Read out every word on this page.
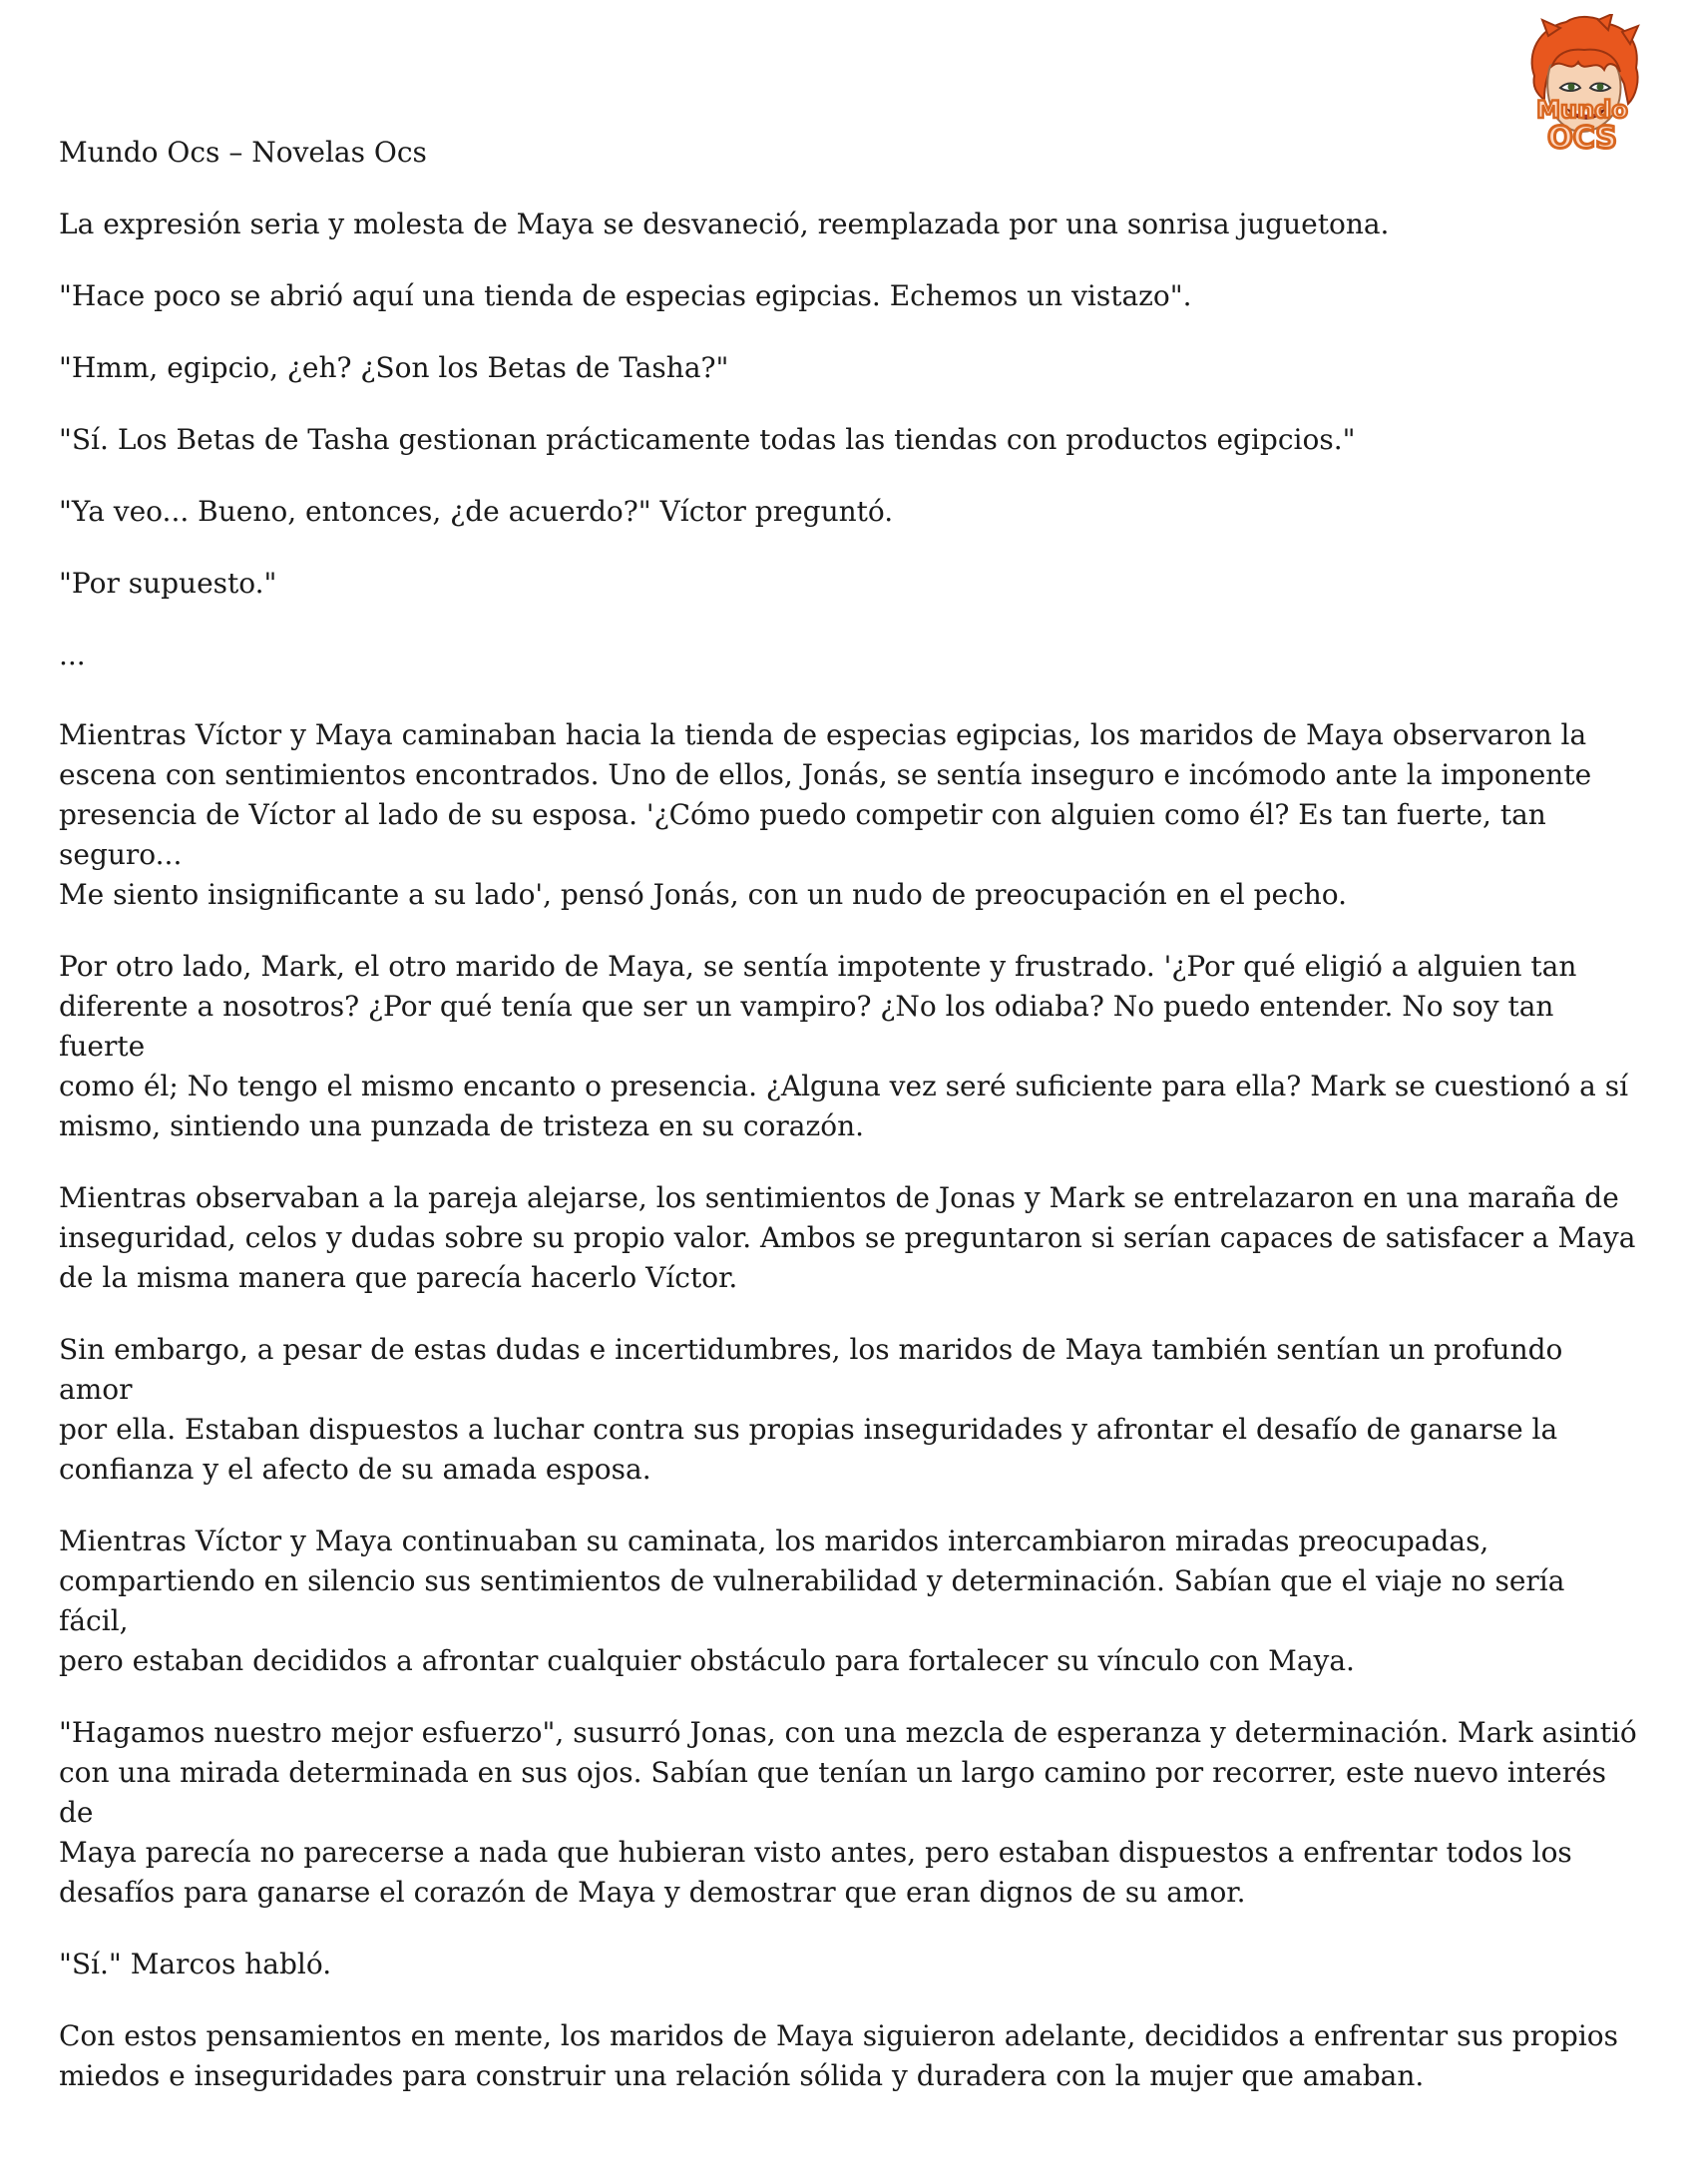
Mundo Ocs – Novelas Ocs

Mundo
OCS

La expresión seria y molesta de Maya se desvaneció, reemplazada por una sonrisa juguetona.

"Hace poco se abrió aquí una tienda de especias egipcias. Echemos un vistazo".

"Hmm, egipcio, ¿eh? ¿Son los Betas de Tasha?"

"Sí. Los Betas de Tasha gestionan prácticamente todas las tiendas con productos egipcios."

"Ya veo... Bueno, entonces, ¿de acuerdo?" Víctor preguntó.

"Por supuesto."

...

Mientras Víctor y Maya caminaban hacia la tienda de especias egipcias, los maridos de Maya observaron la
escena con sentimientos encontrados. Uno de ellos, Jonás, se sentía inseguro e incómodo ante la imponente
presencia de Víctor al lado de su esposa. '¿Cómo puedo competir con alguien como él? Es tan fuerte, tan seguro...
Me siento insignificante a su lado', pensó Jonás, con un nudo de preocupación en el pecho.

Por otro lado, Mark, el otro marido de Maya, se sentía impotente y frustrado. '¿Por qué eligió a alguien tan
diferente a nosotros? ¿Por qué tenía que ser un vampiro? ¿No los odiaba? No puedo entender. No soy tan fuerte
como él; No tengo el mismo encanto o presencia. ¿Alguna vez seré suficiente para ella? Mark se cuestionó a sí
mismo, sintiendo una punzada de tristeza en su corazón.

Mientras observaban a la pareja alejarse, los sentimientos de Jonas y Mark se entrelazaron en una maraña de
inseguridad, celos y dudas sobre su propio valor. Ambos se preguntaron si serían capaces de satisfacer a Maya
de la misma manera que parecía hacerlo Víctor.

Sin embargo, a pesar de estas dudas e incertidumbres, los maridos de Maya también sentían un profundo amor
por ella. Estaban dispuestos a luchar contra sus propias inseguridades y afrontar el desafío de ganarse la
confianza y el afecto de su amada esposa.

Mientras Víctor y Maya continuaban su caminata, los maridos intercambiaron miradas preocupadas,
compartiendo en silencio sus sentimientos de vulnerabilidad y determinación. Sabían que el viaje no sería fácil,
pero estaban decididos a afrontar cualquier obstáculo para fortalecer su vínculo con Maya.

"Hagamos nuestro mejor esfuerzo", susurró Jonas, con una mezcla de esperanza y determinación. Mark asintió
con una mirada determinada en sus ojos. Sabían que tenían un largo camino por recorrer, este nuevo interés de
Maya parecía no parecerse a nada que hubieran visto antes, pero estaban dispuestos a enfrentar todos los
desafíos para ganarse el corazón de Maya y demostrar que eran dignos de su amor.

"Sí." Marcos habló.

Con estos pensamientos en mente, los maridos de Maya siguieron adelante, decididos a enfrentar sus propios
miedos e inseguridades para construir una relación sólida y duradera con la mujer que amaban.
